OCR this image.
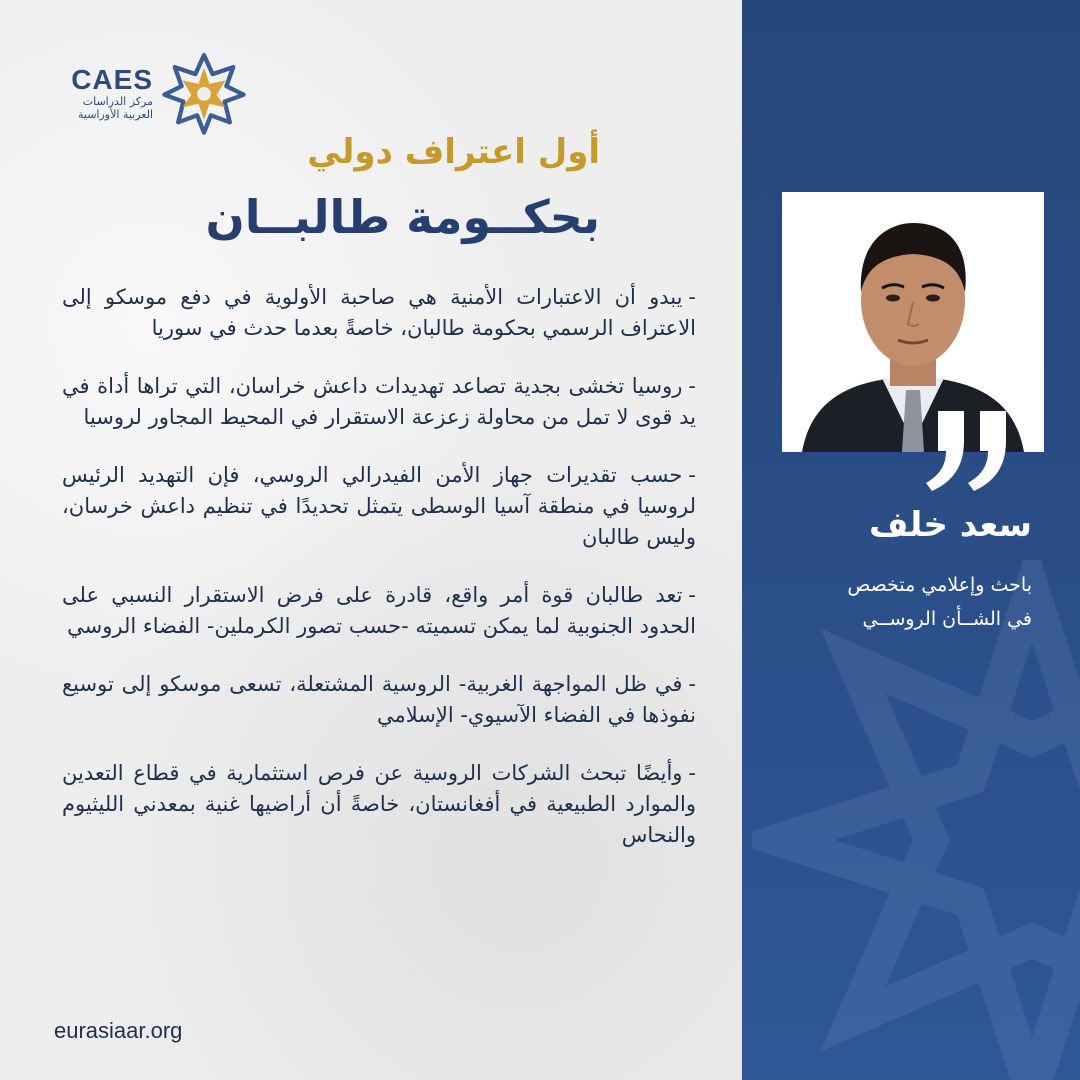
CAES
مركز الدراسات
العربية الأوراسية
أول اعتراف دولي
بحكــومة طالبــان

-يبدو أن الاعتبارات الأمنية هي صاحبة الأولوية في دفع موسكو إلى الاعتراف الرسمي بحكومة طالبان، خاصةً بعدما حدث في سوريا

-روسيا تخشى بجدية تصاعد تهديدات داعش خراسان، التي تراها أداة في يد قوى لا تمل من محاولة زعزعة الاستقرار في المحيط المجاور لروسيا

-حسب تقديرات جهاز الأمن الفيدرالي الروسي، فإن التهديد الرئيس لروسيا في منطقة آسيا الوسطى يتمثل تحديدًا في تنظيم داعش خرسان، وليس طالبان

-تعد طالبان قوة أمر واقع، قادرة على فرض الاستقرار النسبي على الحدود الجنوبية لما يمكن تسميته -حسب تصور الكرملين- الفضاء الروسي

-في ظل المواجهة الغربية- الروسية المشتعلة، تسعى موسكو إلى توسيع نفوذها في الفضاء الآسيوي- الإسلامي

-وأيضًا تبحث الشركات الروسية عن فرص استثمارية في قطاع التعدين والموارد الطبيعية في أفغانستان، خاصةً أن أراضيها غنية بمعدني الليثيوم والنحاس

eurasiaar.org
سعد خلف
باحث وإعلامي متخصص
في الشــأن الروســي
